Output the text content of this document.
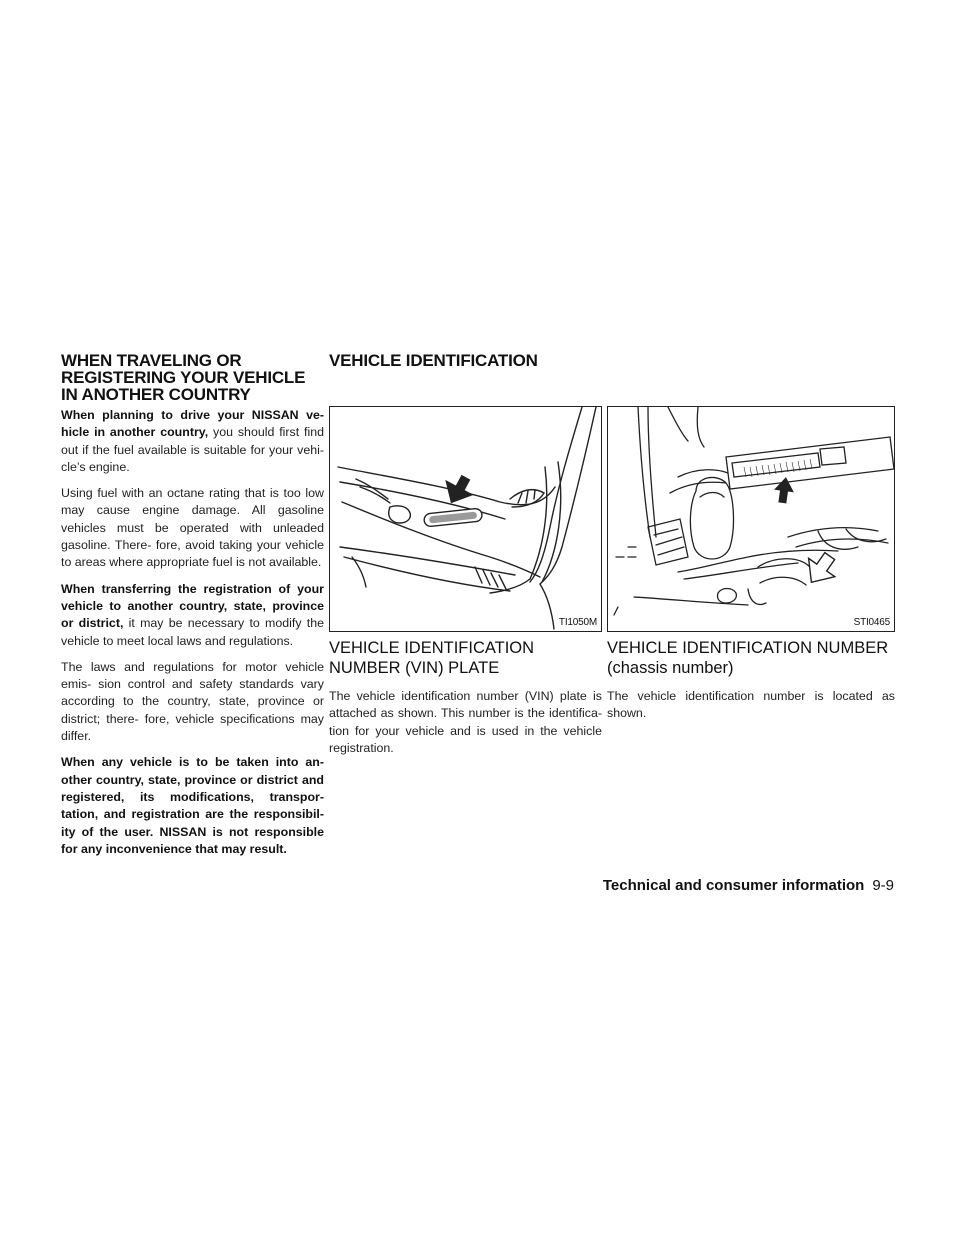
WHEN TRAVELING OR REGISTERING YOUR VEHICLE IN ANOTHER COUNTRY

When planning to drive your NISSAN ve- hicle in another country, you should first find out if the fuel available is suitable for your vehi- cle’s engine.

Using fuel with an octane rating that is too low may cause engine damage. All gasoline vehicles must be operated with unleaded gasoline. There- fore, avoid taking your vehicle to areas where appropriate fuel is not available.

When transferring the registration of your vehicle to another country, state, province or district, it may be necessary to modify the vehicle to meet local laws and regulations.

The laws and regulations for motor vehicle emis- sion control and safety standards vary according to the country, state, province or district; there- fore, vehicle specifications may differ.

When any vehicle is to be taken into an- other country, state, province or district and registered, its modifications, transpor- tation, and registration are the responsibil- ity of the user. NISSAN is not responsible for any inconvenience that may result.

VEHICLE IDENTIFICATION
TI1050M	STI0465
VEHICLE IDENTIFICATION NUMBER (VIN) PLATE

The vehicle identification number (VIN) plate is attached as shown. This number is the identifica- tion for your vehicle and is used in the vehicle registration.

VEHICLE IDENTIFICATION NUMBER (chassis number)

The vehicle identification number is located as shown.

Technical and consumer information 9-9
